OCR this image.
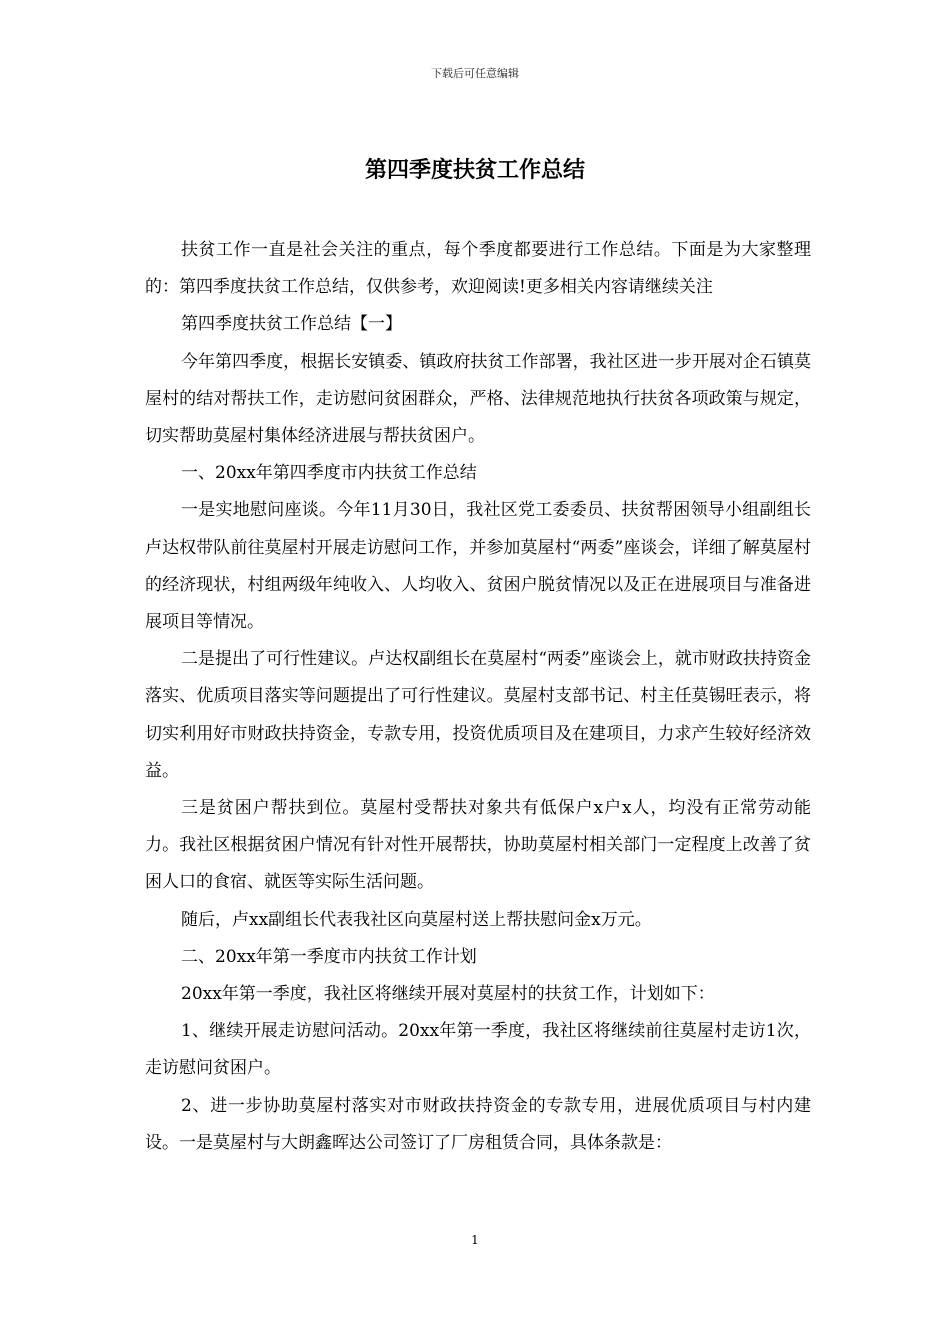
下载后可任意编辑
第四季度扶贫工作总结

扶贫工作一直是社会关注的重点，每个季度都要进行工作总结。下面是为大家整理的：第四季度扶贫工作总结，仅供参考，欢迎阅读!更多相关内容请继续关注

第四季度扶贫工作总结【一】

今年第四季度，根据长安镇委、镇政府扶贫工作部署，我社区进一步开展对企石镇莫屋村的结对帮扶工作，走访慰问贫困群众，严格、法律规范地执行扶贫各项政策与规定，切实帮助莫屋村集体经济进展与帮扶贫困户。

一、20xx年第四季度市内扶贫工作总结

一是实地慰问座谈。今年11月30日，我社区党工委委员、扶贫帮困领导小组副组长卢达权带队前往莫屋村开展走访慰问工作，并参加莫屋村“两委”座谈会，详细了解莫屋村的经济现状，村组两级年纯收入、人均收入、贫困户脱贫情况以及正在进展项目与准备进展项目等情况。

二是提出了可行性建议。卢达权副组长在莫屋村“两委”座谈会上，就市财政扶持资金落实、优质项目落实等问题提出了可行性建议。莫屋村支部书记、村主任莫锡旺表示，将切实利用好市财政扶持资金，专款专用，投资优质项目及在建项目，力求产生较好经济效益。

三是贫困户帮扶到位。莫屋村受帮扶对象共有低保户x户x人，均没有正常劳动能力。我社区根据贫困户情况有针对性开展帮扶，协助莫屋村相关部门一定程度上改善了贫困人口的食宿、就医等实际生活问题。

随后，卢xx副组长代表我社区向莫屋村送上帮扶慰问金x万元。

二、20xx年第一季度市内扶贫工作计划

20xx年第一季度，我社区将继续开展对莫屋村的扶贫工作，计划如下：

1、继续开展走访慰问活动。20xx年第一季度，我社区将继续前往莫屋村走访1次，走访慰问贫困户。

2、进一步协助莫屋村落实对市财政扶持资金的专款专用，进展优质项目与村内建设。一是莫屋村与大朗鑫晖达公司签订了厂房租赁合同，具体条款是：

1
